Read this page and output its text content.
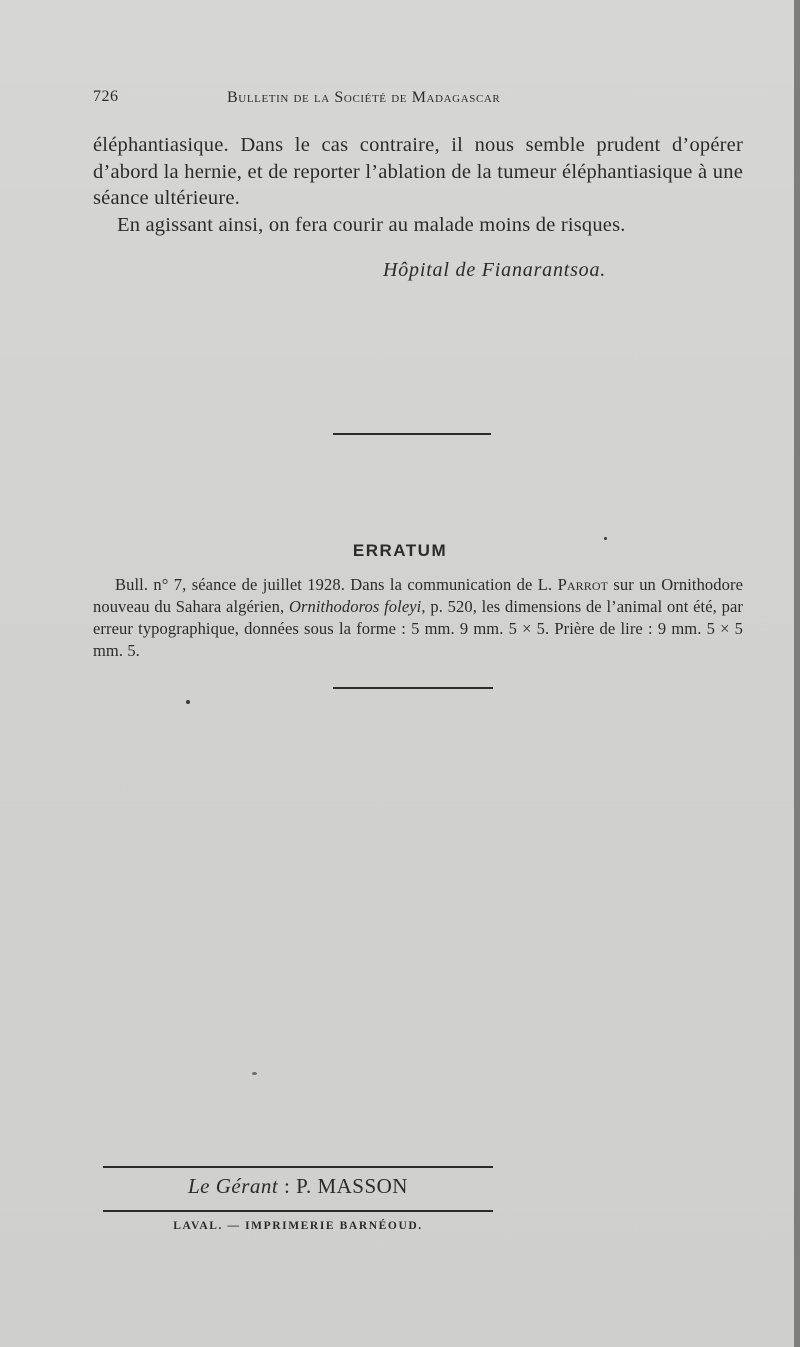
726	Bulletin de la Société de Madagascar

éléphantiasique. Dans le cas contraire, il nous semble prudent d’opérer d’abord la hernie, et de reporter l’ablation de la tumeur éléphantiasique à une séance ultérieure.

En agissant ainsi, on fera courir au malade moins de risques.

Hôpital de Fianarantsoa.
ERRATUM

Bull. n° 7, séance de juillet 1928. Dans la communication de L. Parrot sur un Ornithodore nouveau du Sahara algérien, Ornithodoros foleyi, p. 520, les dimensions de l’animal ont été, par erreur typographique, données sous la forme : 5 mm. 9 mm. 5 × 5. Prière de lire : 9 mm. 5 × 5 mm. 5.

Le Gérant : P. MASSON
LAVAL. — IMPRIMERIE BARNÉOUD.
